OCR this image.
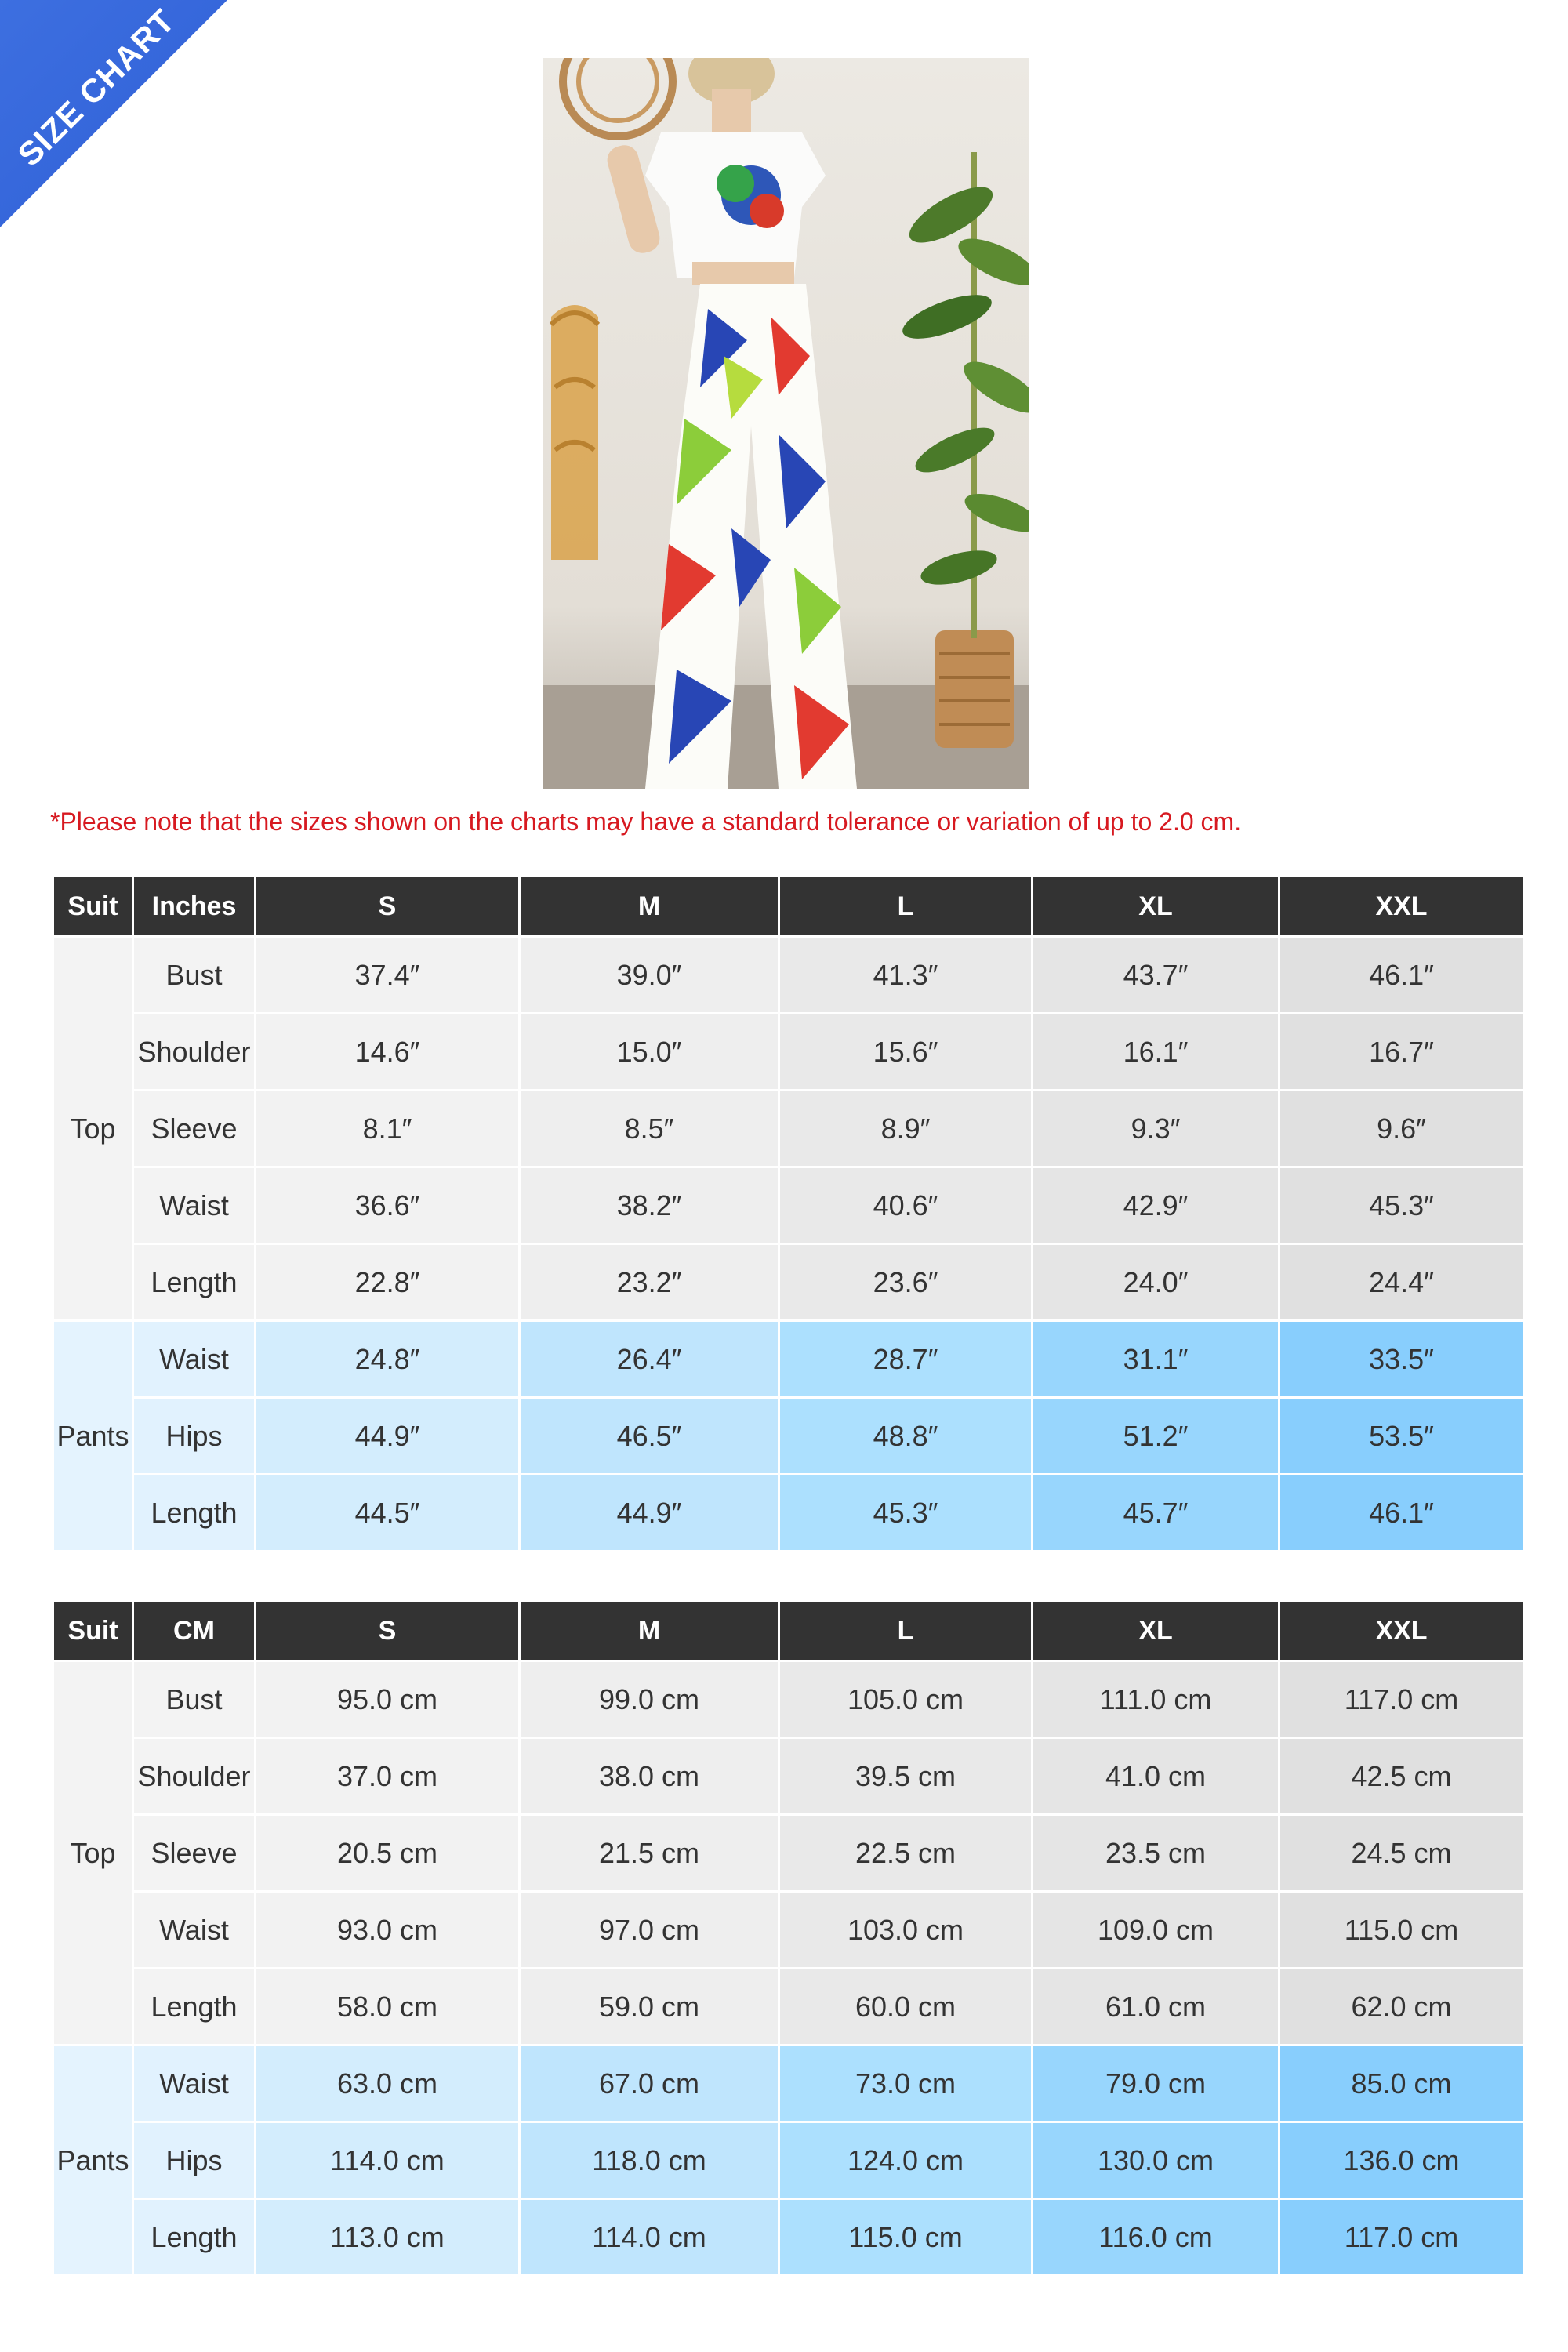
SIZE CHART
*Please note that the sizes shown on the charts may have a standard tolerance or variation of up to 2.0 cm.
Suit	Inches	S	M	L	XL	XXL
Top	Bust	37.4″	39.0″	41.3″	43.7″	46.1″
	Shoulder	14.6″	15.0″	15.6″	16.1″	16.7″
	Sleeve	8.1″	8.5″	8.9″	9.3″	9.6″
	Waist	36.6″	38.2″	40.6″	42.9″	45.3″
	Length	22.8″	23.2″	23.6″	24.0″	24.4″
Pants	Waist	24.8″	26.4″	28.7″	31.1″	33.5″
	Hips	44.9″	46.5″	48.8″	51.2″	53.5″
	Length	44.5″	44.9″	45.3″	45.7″	46.1″
Suit	CM	S	M	L	XL	XXL
Top	Bust	95.0 cm	99.0 cm	105.0 cm	111.0 cm	117.0 cm
	Shoulder	37.0 cm	38.0 cm	39.5 cm	41.0 cm	42.5 cm
	Sleeve	20.5 cm	21.5 cm	22.5 cm	23.5 cm	24.5 cm
	Waist	93.0 cm	97.0 cm	103.0 cm	109.0 cm	115.0 cm
	Length	58.0 cm	59.0 cm	60.0 cm	61.0 cm	62.0 cm
Pants	Waist	63.0 cm	67.0 cm	73.0 cm	79.0 cm	85.0 cm
	Hips	114.0 cm	118.0 cm	124.0 cm	130.0 cm	136.0 cm
	Length	113.0 cm	114.0 cm	115.0 cm	116.0 cm	117.0 cm
